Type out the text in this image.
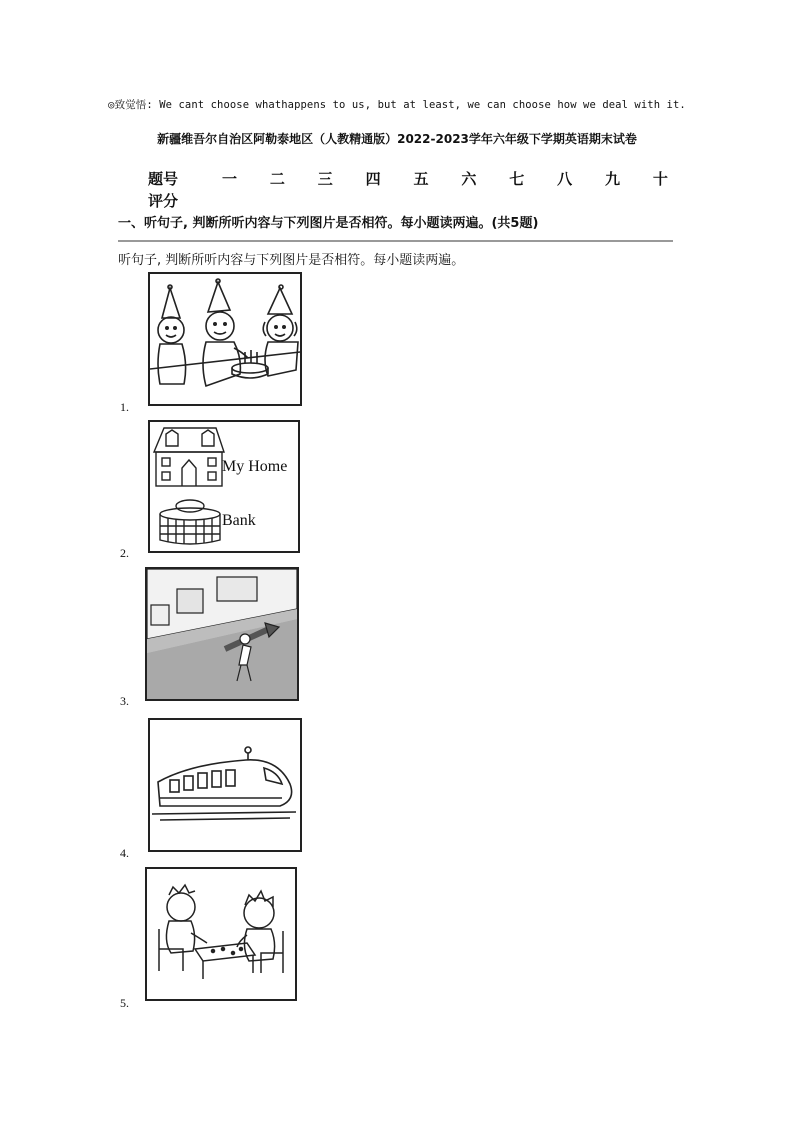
◎致觉悟: We cant choose whathappens to us, but at least, we can choose how we deal with it.
新疆维吾尔自治区阿勒泰地区（人教精通版）2022-2023学年六年级下学期英语期末试卷
题号	一 二 三 四 五 六 七 八 九 十
评分
一、听句子, 判断所听内容与下列图片是否相符。每小题读两遍。(共5题)
听句子, 判断所听内容与下列图片是否相符。每小题读两遍。
1.
2.
My Home
Bank
3.
4.
5.
